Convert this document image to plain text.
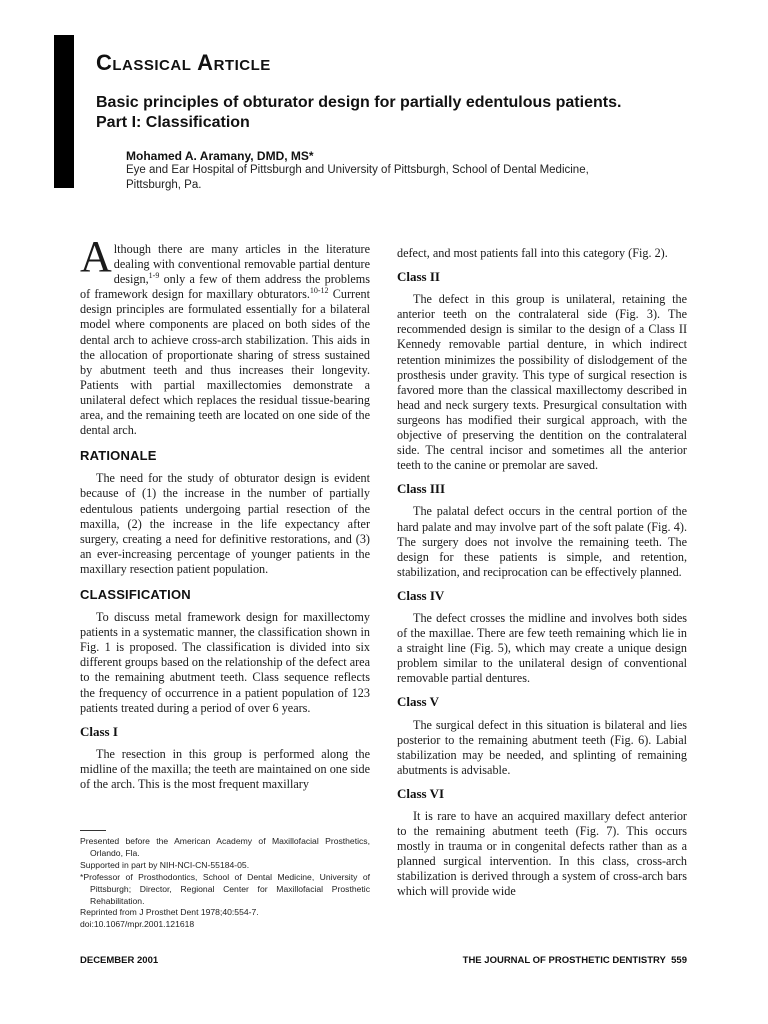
Classical Article
Basic principles of obturator design for partially edentulous patients.
Part I: Classification
Mohamed A. Aramany, DMD, MS*
Eye and Ear Hospital of Pittsburgh and University of Pittsburgh, School of Dental Medicine, Pittsburgh, Pa.

Although there are many articles in the literature dealing with conventional removable partial denture design,$^{1-9}$ only a few of them address the problems of framework design for maxillary obturators.$^{10-12}$ Current design principles are formulated essentially for a bilateral model where components are placed on both sides of the dental arch to achieve cross-arch stabilization. This aids in the allocation of proportionate sharing of stress sustained by abutment teeth and thus increases their longevity. Patients with partial maxillectomies demonstrate a unilateral defect which replaces the residual tissue-bearing area, and the remaining teeth are located on one side of the dental arch.

RATIONALE

The need for the study of obturator design is evident because of (1) the increase in the number of partially edentulous patients undergoing partial resection of the maxilla, (2) the increase in the life expectancy after surgery, creating a need for definitive restorations, and (3) an ever-increasing percentage of younger patients in the maxillary resection patient population.

CLASSIFICATION

To discuss metal framework design for maxillectomy patients in a systematic manner, the classification shown in Fig. 1 is proposed. The classification is divided into six different groups based on the relationship of the defect area to the remaining abutment teeth. Class sequence reflects the frequency of occurrence in a patient population of 123 patients treated during a period of over 6 years.

Class I

The resection in this group is performed along the midline of the maxilla; the teeth are maintained on one side of the arch. This is the most frequent maxillary

Presented before the American Academy of Maxillofacial Prosthetics, Orlando, Fla.

Supported in part by NIH-NCI-CN-55184-05.

*Professor of Prosthodontics, School of Dental Medicine, University of Pittsburgh; Director, Regional Center for Maxillofacial Prosthetic Rehabilitation.

Reprinted from J Prosthet Dent 1978;40:554-7.

doi:10.1067/mpr.2001.121618

defect, and most patients fall into this category (Fig. 2).

Class II

The defect in this group is unilateral, retaining the anterior teeth on the contralateral side (Fig. 3). The recommended design is similar to the design of a Class II Kennedy removable partial denture, in which indirect retention minimizes the possibility of dislodgement of the prosthesis under gravity. This type of surgical resection is favored more than the classical maxillectomy described in head and neck surgery texts. Presurgical consultation with surgeons has modified their surgical approach, with the objective of preserving the dentition on the contralateral side. The central incisor and sometimes all the anterior teeth to the canine or premolar are saved.

Class III

The palatal defect occurs in the central portion of the hard palate and may involve part of the soft palate (Fig. 4). The surgery does not involve the remaining teeth. The design for these patients is simple, and retention, stabilization, and reciprocation can be effectively planned.

Class IV

The defect crosses the midline and involves both sides of the maxillae. There are few teeth remaining which lie in a straight line (Fig. 5), which may create a unique design problem similar to the unilateral design of conventional removable partial dentures.

Class V

The surgical defect in this situation is bilateral and lies posterior to the remaining abutment teeth (Fig. 6). Labial stabilization may be needed, and splinting of remaining abutments is advisable.

Class VI

It is rare to have an acquired maxillary defect anterior to the remaining abutment teeth (Fig. 7). This occurs mostly in trauma or in congenital defects rather than as a planned surgical intervention. In this class, cross-arch stabilization is derived through a system of cross-arch bars which will provide wide

DECEMBER 2001	THE JOURNAL OF PROSTHETIC DENTISTRY 559
